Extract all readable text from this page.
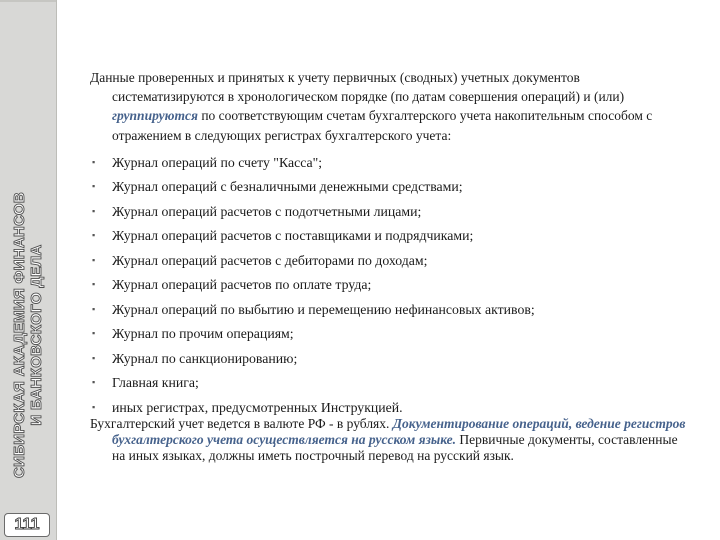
СИБИРСКАЯ АКАДЕМИЯ ФИНАНСОВ И БАНКОВСКОГО ДЕЛА
111

Данные проверенных и принятых к учету первичных (сводных) учетных документов систематизируются в хронологическом порядке (по датам совершения операций) и (или) группируются по соответствующим счетам бухгалтерского учета накопительным способом с отражением в следующих регистрах бухгалтерского учета:

▪ Журнал операций по счету "Касса";
▪ Журнал операций с безналичными денежными средствами;
▪ Журнал операций расчетов с подотчетными лицами;
▪ Журнал операций расчетов с поставщиками и подрядчиками;
▪ Журнал операций расчетов с дебиторами по доходам;
▪ Журнал операций расчетов по оплате труда;
▪ Журнал операций по выбытию и перемещению нефинансовых активов;
▪ Журнал по прочим операциям;
▪ Журнал по санкционированию;
▪ Главная книга;
▪ иных регистрах, предусмотренных Инструкцией.

Бухгалтерский учет ведется в валюте РФ - в рублях. Документирование операций, ведение регистров бухгалтерского учета осуществляется на русском языке. Первичные документы, составленные на иных языках, должны иметь построчный перевод на русский язык.
